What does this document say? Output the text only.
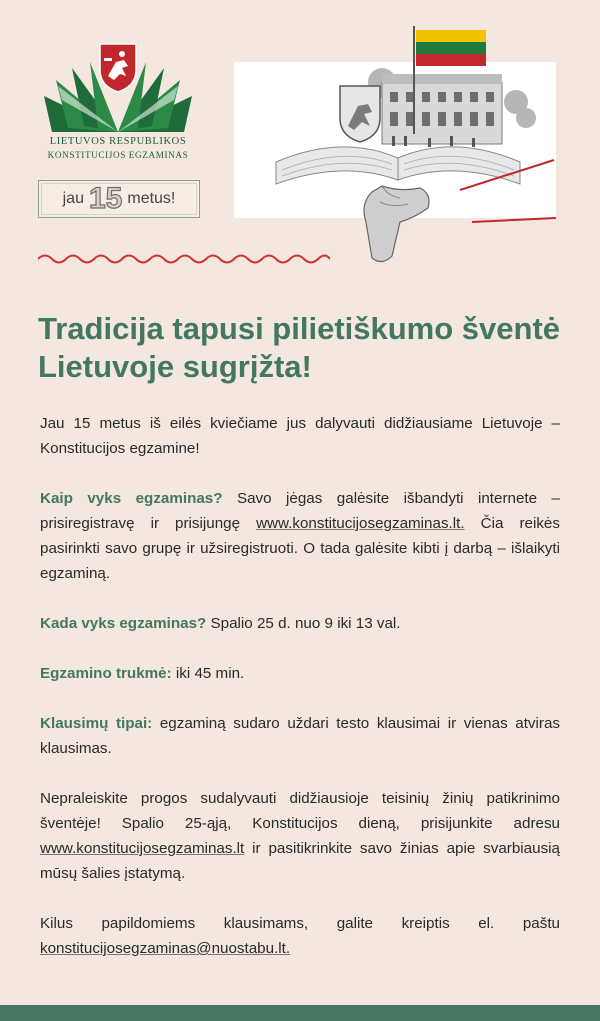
LIETUVOS RESPUBLIKOS
KONSTITUCIJOS EGZAMINAS
jau 15 metus!
Tradicija tapusi pilietiškumo šventė Lietuvoje sugrįžta!

Jau 15 metus iš eilės kviečiame jus dalyvauti didžiausiame Lietuvoje – Konstitucijos egzamine!

Kaip vyks egzaminas? Savo jėgas galėsite išbandyti internete – prisiregistravę ir prisijungę www.konstitucijosegzaminas.lt. Čia reikės pasirinkti savo grupę ir užsiregistruoti. O tada galėsite kibti į darbą – išlaikyti egzaminą.

Kada vyks egzaminas? Spalio 25 d. nuo 9 iki 13 val.

Egzamino trukmė: iki 45 min.

Klausimų tipai: egzaminą sudaro uždari testo klausimai ir vienas atviras klausimas.

Nepraleiskite progos sudalyvauti didžiausioje teisinių žinių patikrinimo šventėje! Spalio 25-ąją, Konstitucijos dieną, prisijunkite adresu www.konstitucijosegzaminas.lt ir pasitikrinkite savo žinias apie svarbiausią mūsų šalies įstatymą.

Kilus papildomiems klausimams, galite kreiptis el. paštu konstitucijosegzaminas@nuostabu.lt.
